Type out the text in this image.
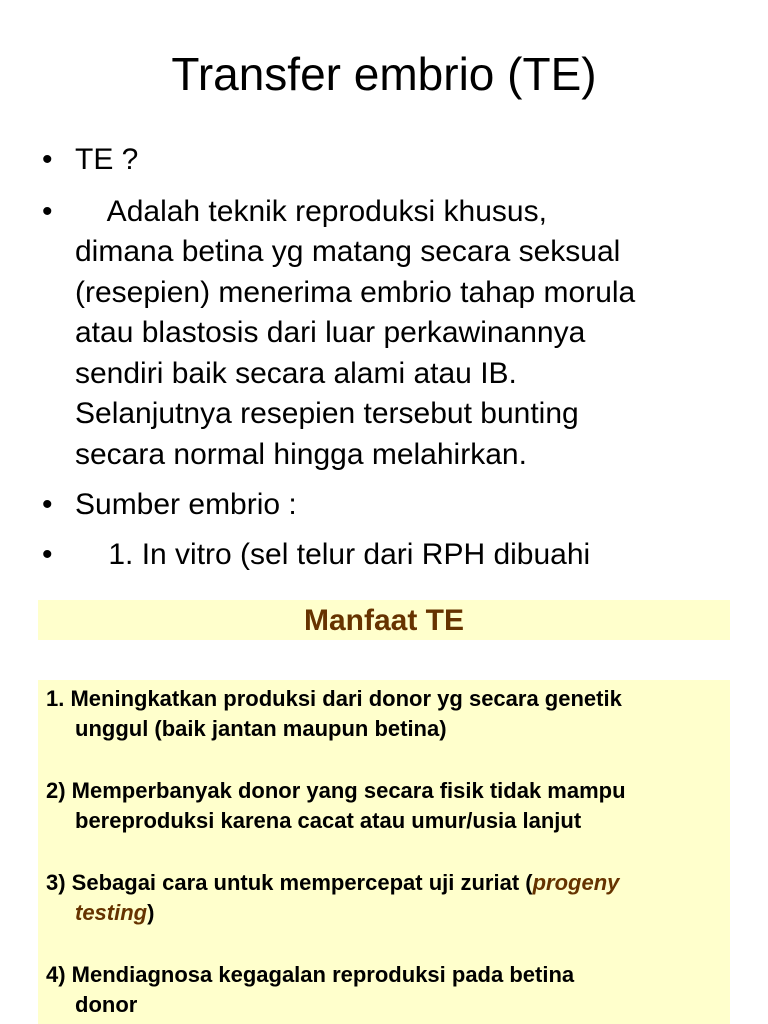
Transfer embrio (TE)
• TE ?
• Adalah teknik reproduksi khusus,
dimana betina yg matang secara seksual
(resepien) menerima embrio tahap morula
atau blastosis dari luar perkawinannya
sendiri baik secara alami atau IB.
Selanjutnya resepien tersebut bunting
secara normal hingga melahirkan.
• Sumber embrio :
• 1. In vitro (sel telur dari RPH dibuahi
Manfaat TE
1. Meningkatkan produksi dari donor yg secara genetik
unggul (baik jantan maupun betina)
2) Memperbanyak donor yang secara fisik tidak mampu
bereproduksi karena cacat atau umur/usia lanjut
3) Sebagai cara untuk mempercepat uji zuriat (progeny
testing)
4) Mendiagnosa kegagalan reproduksi pada betina
donor
